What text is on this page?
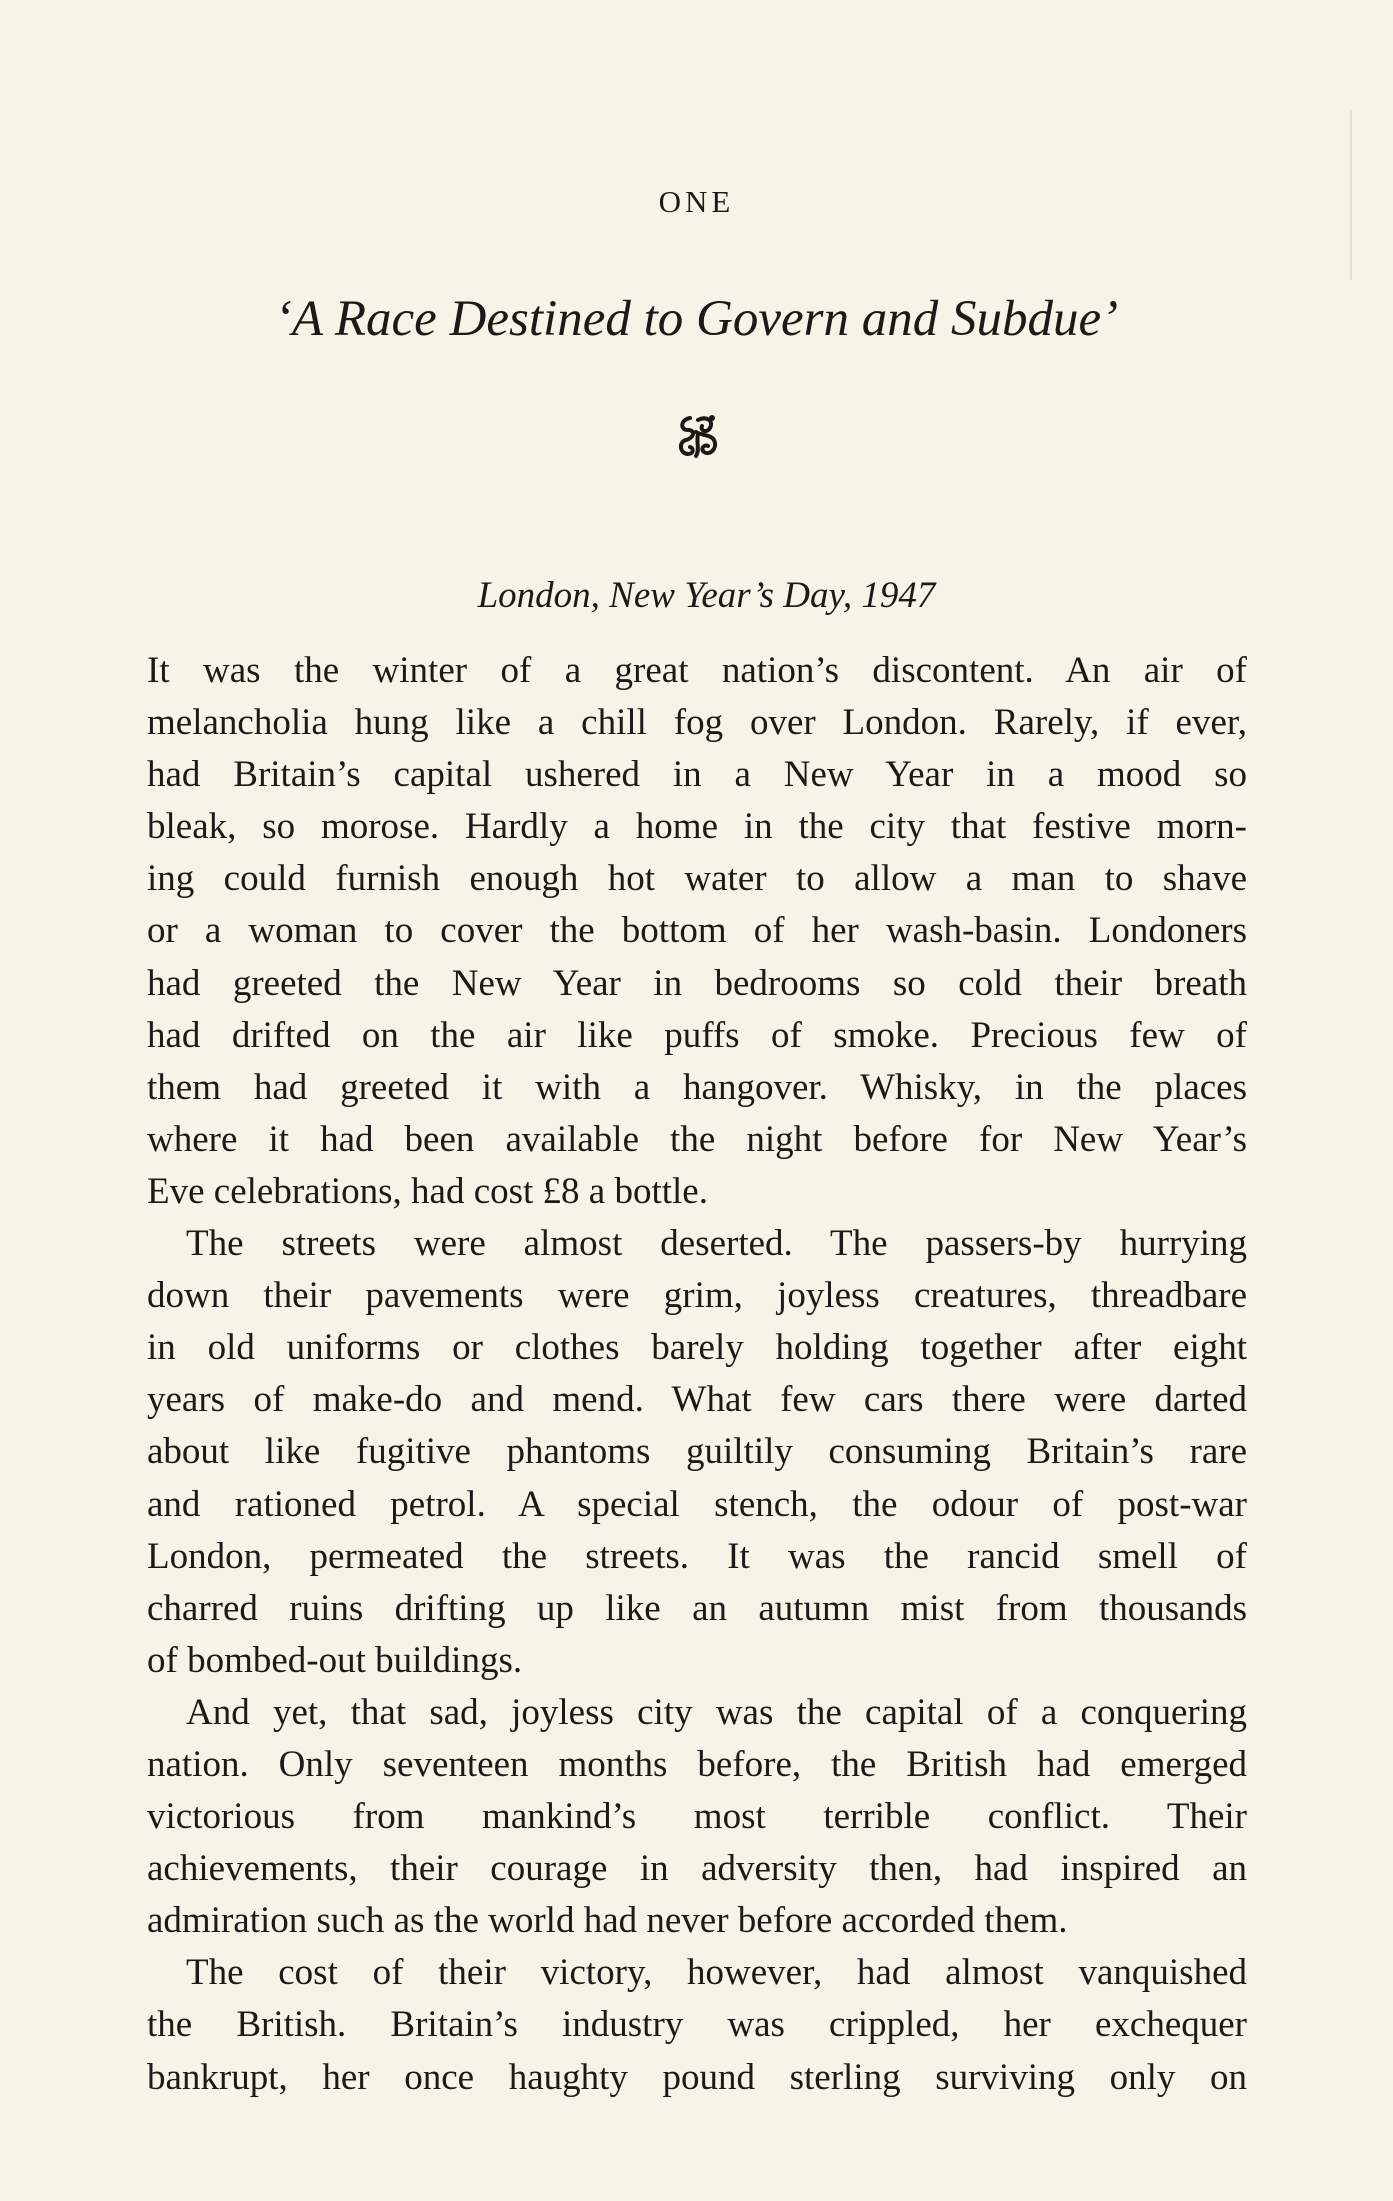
ONE
‘A Race Destined to Govern and Subdue’
London, New Year’s Day, 1947
It was the winter of a great nation’s discontent. An air of
melancholia hung like a chill fog over London. Rarely, if ever,
had Britain’s capital ushered in a New Year in a mood so
bleak, so morose. Hardly a home in the city that festive morn-
ing could furnish enough hot water to allow a man to shave
or a woman to cover the bottom of her wash-basin. Londoners
had greeted the New Year in bedrooms so cold their breath
had drifted on the air like puffs of smoke. Precious few of
them had greeted it with a hangover. Whisky, in the places
where it had been available the night before for New Year’s
Eve celebrations, had cost £8 a bottle.
The streets were almost deserted. The passers-by hurrying
down their pavements were grim, joyless creatures, threadbare
in old uniforms or clothes barely holding together after eight
years of make-do and mend. What few cars there were darted
about like fugitive phantoms guiltily consuming Britain’s rare
and rationed petrol. A special stench, the odour of post-war
London, permeated the streets. It was the rancid smell of
charred ruins drifting up like an autumn mist from thousands
of bombed-out buildings.
And yet, that sad, joyless city was the capital of a conquering
nation. Only seventeen months before, the British had emerged
victorious from mankind’s most terrible conflict. Their
achievements, their courage in adversity then, had inspired an
admiration such as the world had never before accorded them.
The cost of their victory, however, had almost vanquished
the British. Britain’s industry was crippled, her exchequer
bankrupt, her once haughty pound sterling surviving only on
